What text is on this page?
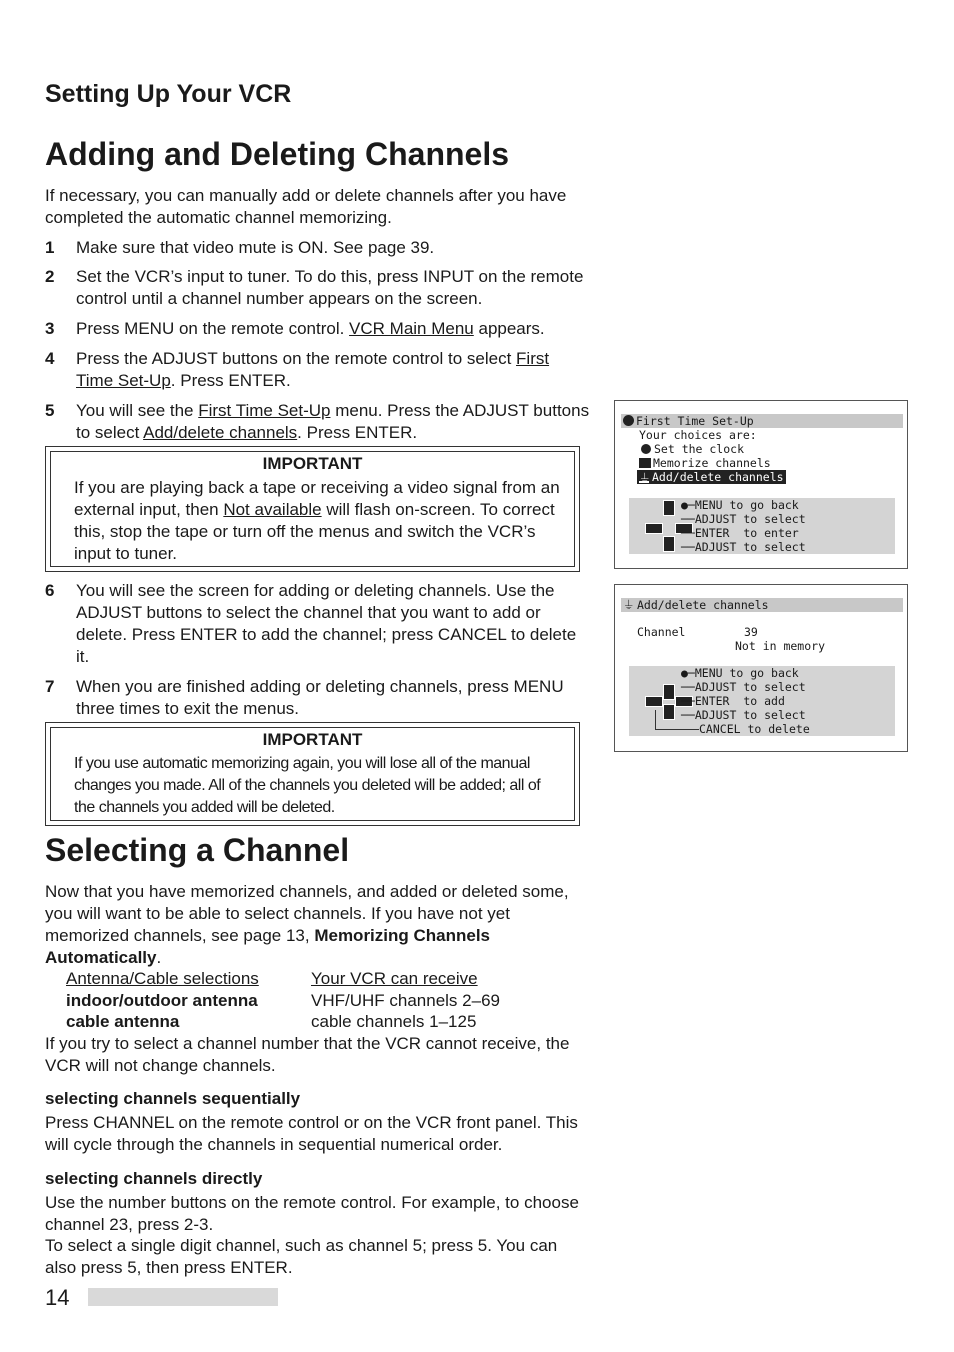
Setting Up Your VCR
Adding and Deleting Channels
If necessary, you can manually add or delete channels after you have completed the automatic channel memorizing.
1 Make sure that video mute is ON. See page 39.
2 Set the VCR’s input to tuner. To do this, press INPUT on the remote control until a channel number appears on the screen.
3 Press MENU on the remote control. VCR Main Menu appears.
4 Press the ADJUST buttons on the remote control to select First Time Set-Up. Press ENTER.
5 You will see the First Time Set-Up menu. Press the ADJUST buttons to select Add/delete channels. Press ENTER.
IMPORTANT
If you are playing back a tape or receiving a video signal from an external input, then Not available will flash on-screen. To correct this, stop the tape or turn off the menus and switch the VCR’s input to tuner.
6 You will see the screen for adding or deleting channels. Use the ADJUST buttons to select the channel that you want to add or delete. Press ENTER to add the channel; press CANCEL to delete it.
7 When you are finished adding or deleting channels, press MENU three times to exit the menus.
IMPORTANT
If you use automatic memorizing again, you will lose all of the manual changes you made. All of the channels you deleted will be added; all of the channels you added will be deleted.
Selecting a Channel
Now that you have memorized channels, and added or deleted some, you will want to be able to select channels. If you have not yet memorized channels, see page 13, Memorizing Channels Automatically.
Antenna/Cable selections	Your VCR can receive
indoor/outdoor antenna	VHF/UHF channels 2–69
cable antenna	cable channels 1–125
If you try to select a channel number that the VCR cannot receive, the VCR will not change channels.
selecting channels sequentially
Press CHANNEL on the remote control or on the VCR front panel. This will cycle through the channels in sequential numerical order.
selecting channels directly
Use the number buttons on the remote control. For example, to choose channel 23, press 2-3.
To select a single digit channel, such as channel 5; press 5. You can also press 5, then press ENTER.
14
First Time Set-Up
Your choices are:
Set the clock
Memorize channels
⏚ Add/delete channels
●─MENU to go back
──ADJUST to select
──ENTER  to enter
──ADJUST to select
⏚ Add/delete channels
Channel	39
Not in memory
●─MENU to go back
──ADJUST to select
──ENTER  to add
──ADJUST to select
CANCEL to delete
